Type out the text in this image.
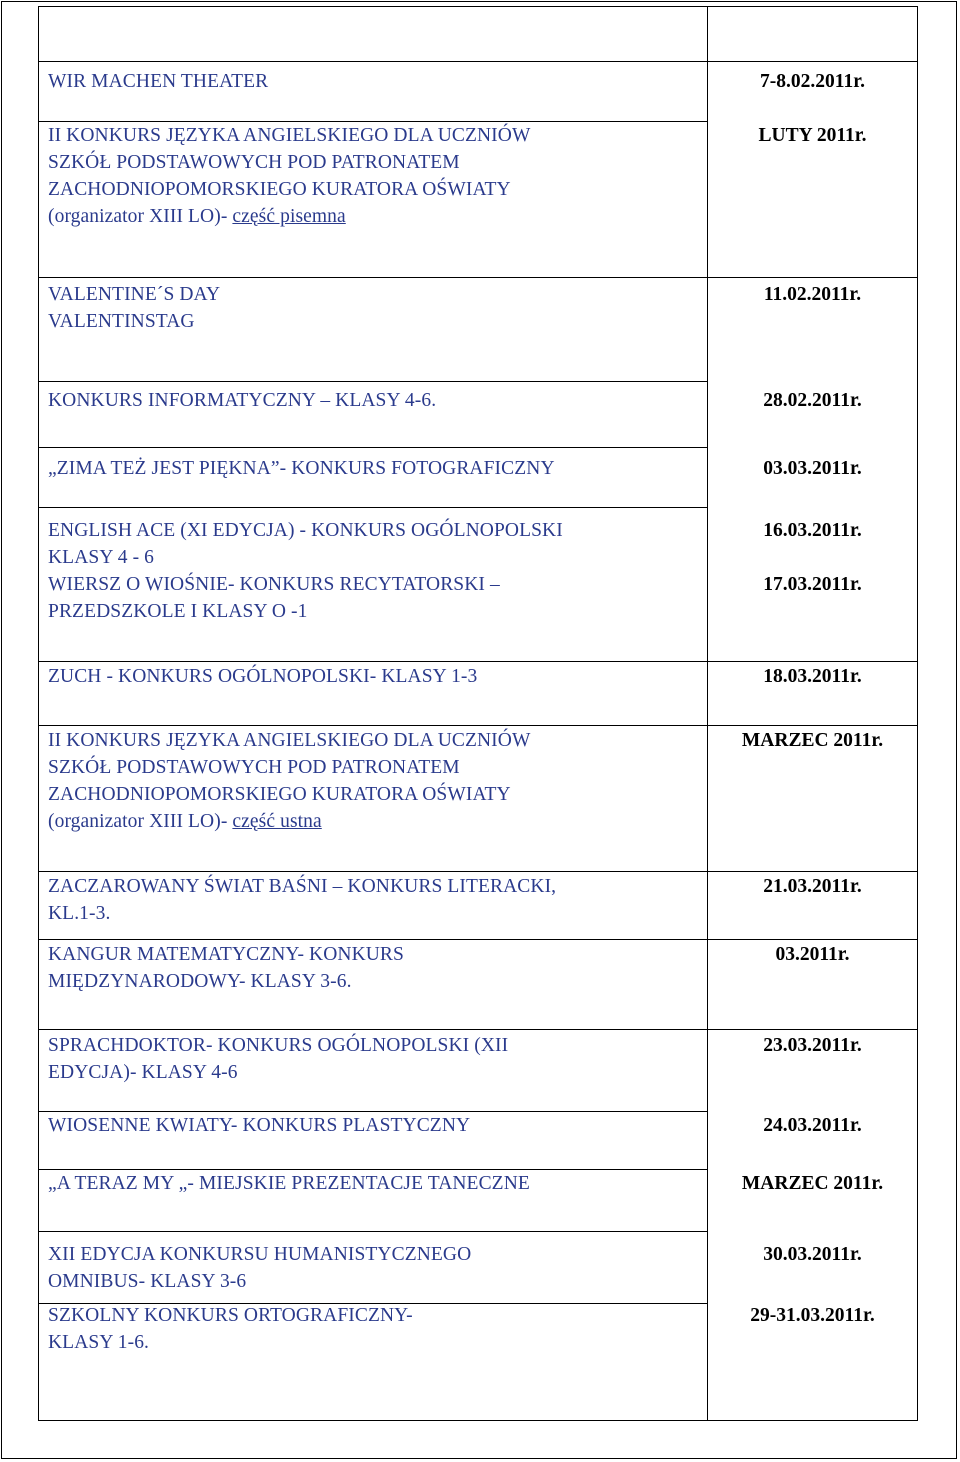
WIR MACHEN THEATER	7-8.02.2011r.
II KONKURS JĘZYKA ANGIELSKIEGO DLA UCZNIÓW
SZKÓŁ PODSTAWOWYCH POD PATRONATEM
ZACHODNIOPOMORSKIEGO KURATORA OŚWIATY
(organizator XIII LO)- część pisemna
LUTY 2011r.
VALENTINE´S DAY
VALENTINSTAG
11.02.2011r.
KONKURS INFORMATYCZNY – KLASY 4-6.	28.02.2011r.
„ZIMA TEŻ JEST PIĘKNA”- KONKURS FOTOGRAFICZNY	03.03.2011r.
ENGLISH ACE (XI EDYCJA) - KONKURS OGÓLNOPOLSKI
KLASY 4 - 6
16.03.2011r.
WIERSZ O WIOŚNIE- KONKURS RECYTATORSKI –
PRZEDSZKOLE I KLASY O -1
17.03.2011r.
ZUCH - KONKURS OGÓLNOPOLSKI- KLASY 1-3	18.03.2011r.
II KONKURS JĘZYKA ANGIELSKIEGO DLA UCZNIÓW
SZKÓŁ PODSTAWOWYCH POD PATRONATEM
ZACHODNIOPOMORSKIEGO KURATORA OŚWIATY
(organizator XIII LO)- część ustna
MARZEC 2011r.
ZACZAROWANY ŚWIAT BAŚNI – KONKURS LITERACKI,
KL.1-3.
21.03.2011r.
KANGUR MATEMATYCZNY- KONKURS
MIĘDZYNARODOWY- KLASY 3-6.
03.2011r.
SPRACHDOKTOR- KONKURS OGÓLNOPOLSKI (XII
EDYCJA)- KLASY 4-6
23.03.2011r.
WIOSENNE KWIATY- KONKURS PLASTYCZNY	24.03.2011r.
„A TERAZ MY „- MIEJSKIE PREZENTACJE TANECZNE	MARZEC 2011r.
XII EDYCJA KONKURSU HUMANISTYCZNEGO
OMNIBUS- KLASY 3-6
30.03.2011r.
SZKOLNY KONKURS ORTOGRAFICZNY-
KLASY 1-6.
29-31.03.2011r.
